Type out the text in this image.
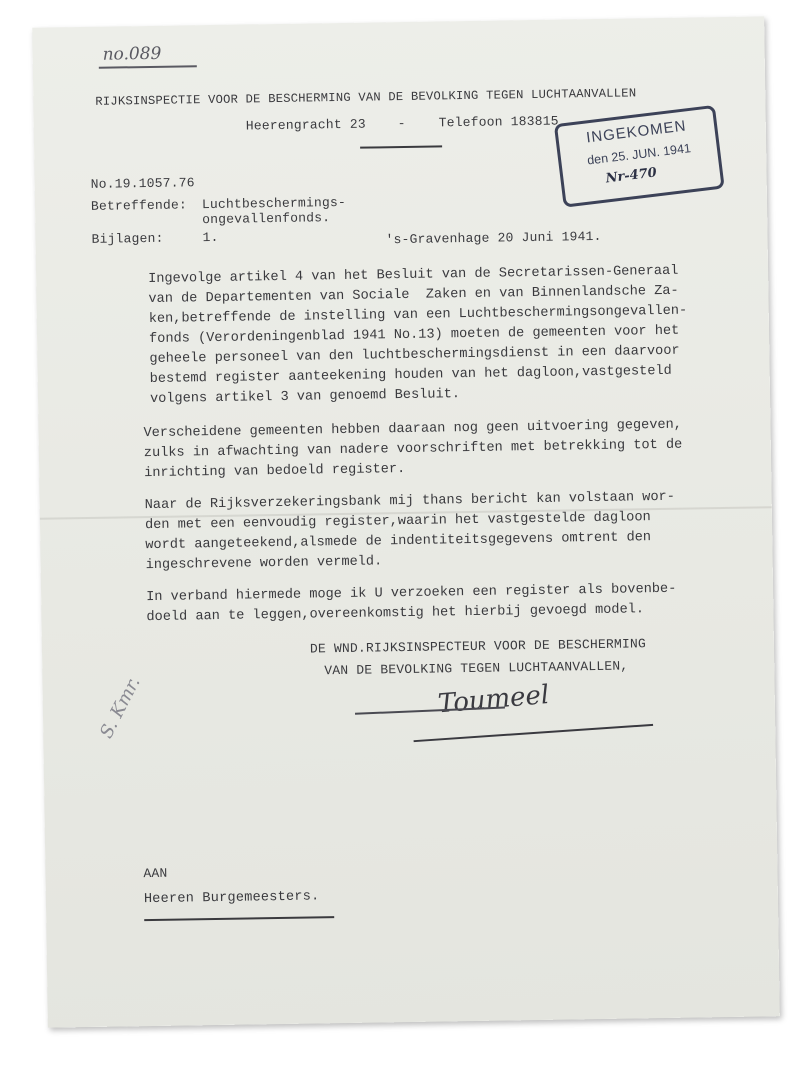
no.089
RIJKSINSPECTIE VOOR DE BESCHERMING VAN DE BEVOLKING TEGEN LUCHTAANVALLEN
Heerengracht 23 -	Telefoon 183815	INGEKOMEN
den 25. JUN. 1941
Nr-470
No.19.1057.76
Betreffende: Luchtbeschermings-
ongevallenfonds.
Bijlagen:	1.	's-Gravenhage 20 Juni 1941.
Ingevolge artikel 4 van het Besluit van de Secretarissen-Generaal
van de Departementen van Sociale  Zaken en van Binnenlandsche Za-
ken,betreffende de instelling van een Luchtbeschermingsongevallen-
fonds (Verordeningenblad 1941 No.13) moeten de gemeenten voor het
geheele personeel van den luchtbeschermingsdienst in een daarvoor
bestemd register aanteekening houden van het dagloon,vastgesteld
volgens artikel 3 van genoemd Besluit.
Verscheidene gemeenten hebben daaraan nog geen uitvoering gegeven,
zulks in afwachting van nadere voorschriften met betrekking tot de
inrichting van bedoeld register.
Naar de Rijksverzekeringsbank mij thans bericht kan volstaan wor-
den met een eenvoudig register,waarin het vastgestelde dagloon
wordt aangeteekend,alsmede de indentiteitsgegevens omtrent den
ingeschrevene worden vermeld.
In verband hiermede moge ik U verzoeken een register als bovenbe-
doeld aan te leggen,overeenkomstig het hierbij gevoegd model.
DE WND.RIJKSINSPECTEUR VOOR DE BESCHERMING
VAN DE BEVOLKING TEGEN LUCHTAANVALLEN,
Toumeel
S. Kmr.
AAN
Heeren Burgemeesters.
